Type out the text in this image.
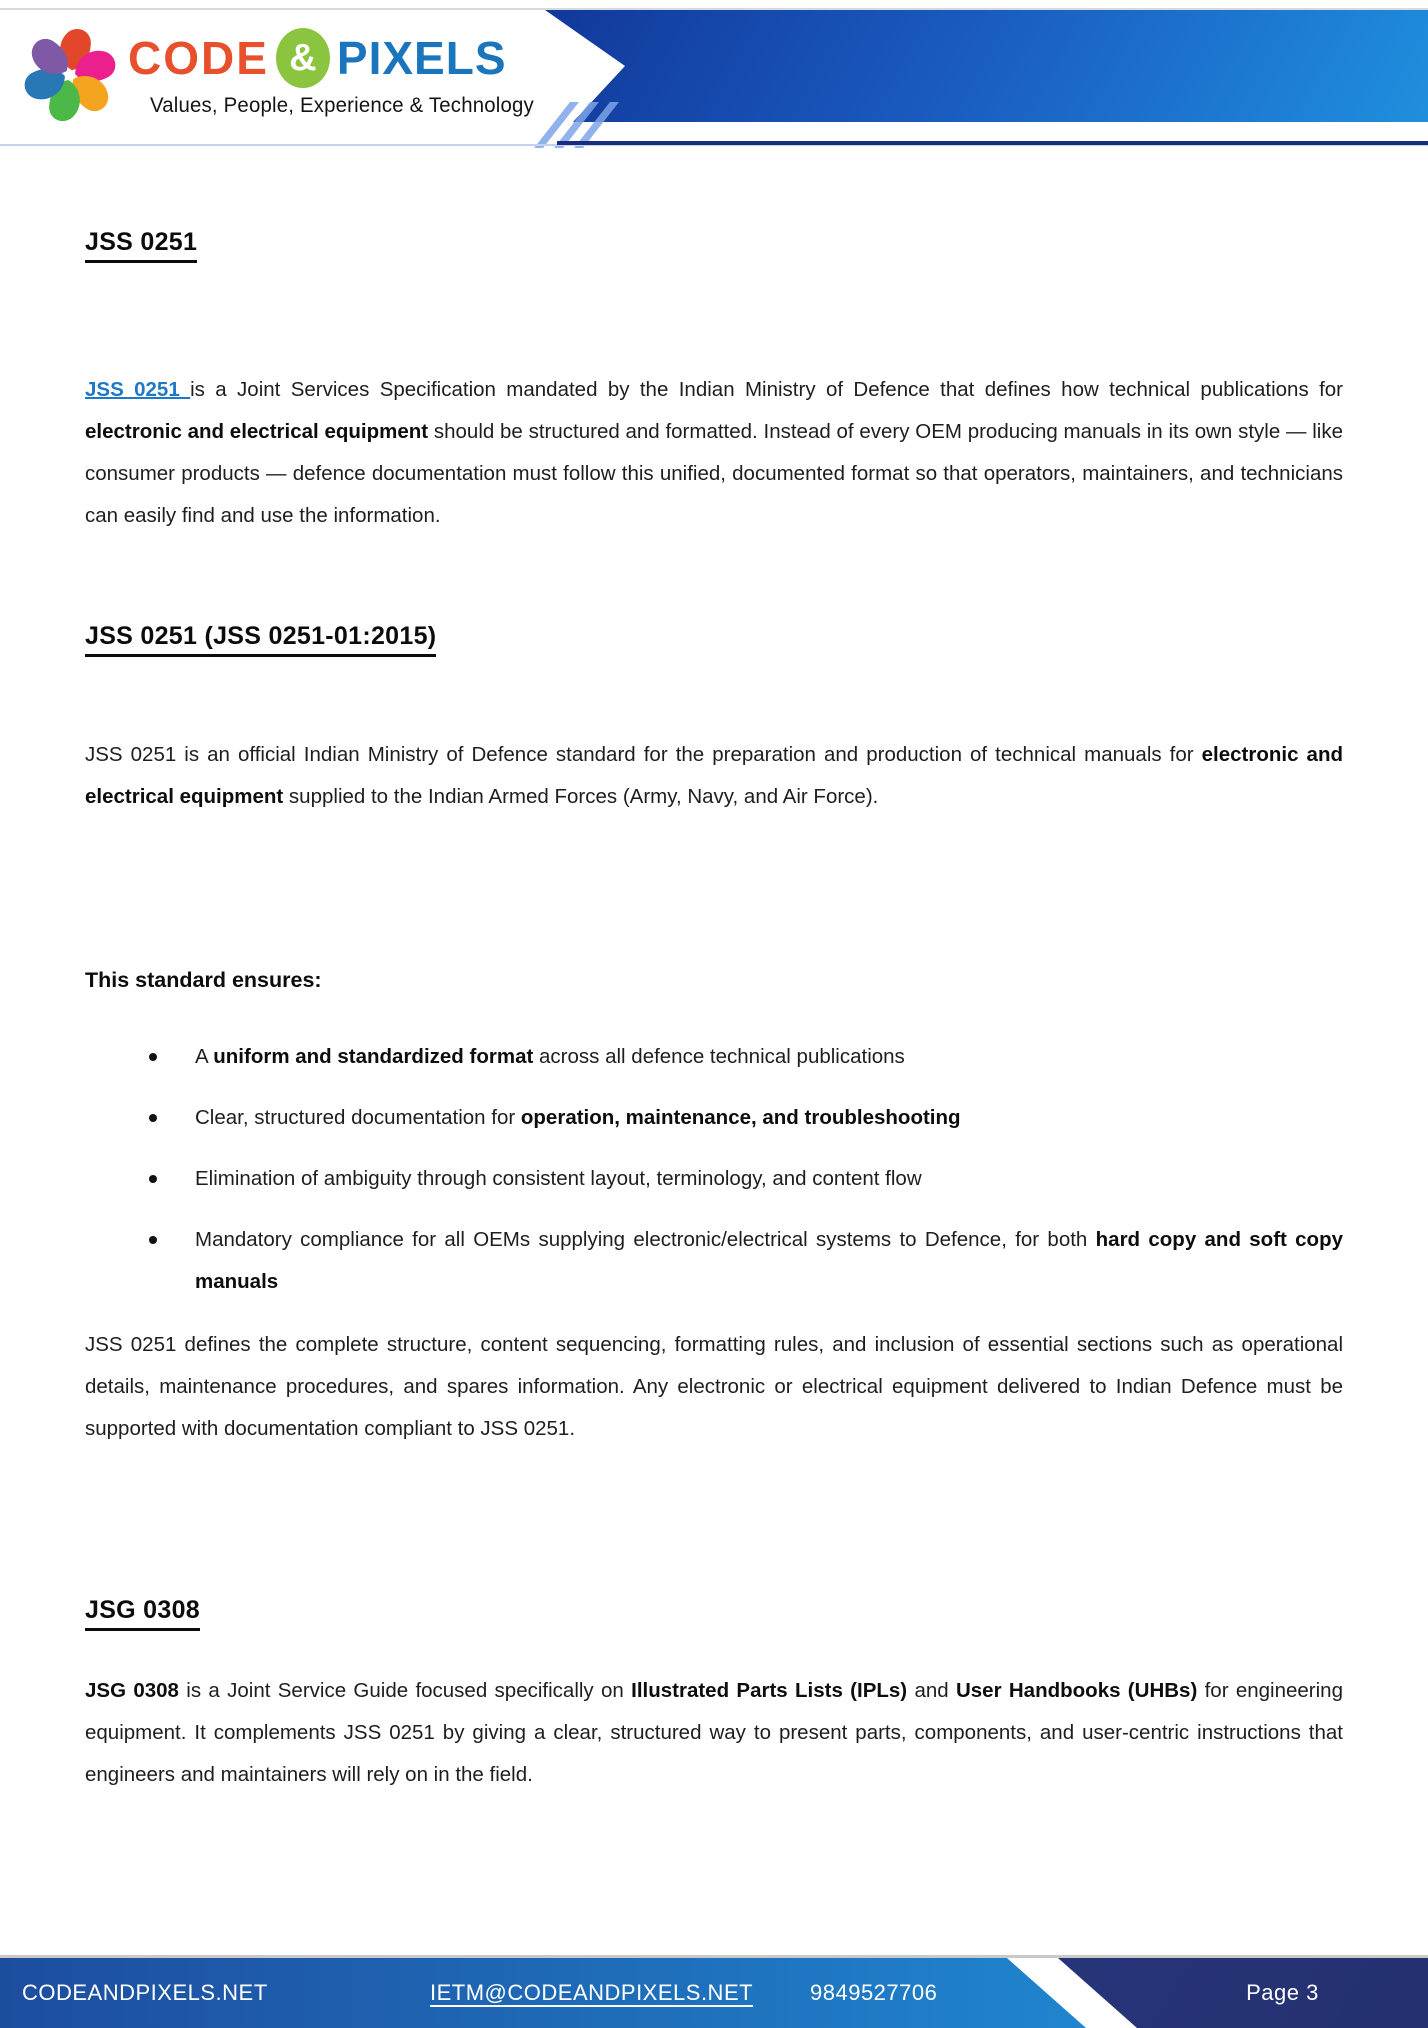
CODE & PIXELS
Values, People, Experience & Technology
JSS 0251

JSS 0251 is a Joint Services Specification mandated by the Indian Ministry of Defence that defines how technical publications for electronic and electrical equipment should be structured and formatted. Instead of every OEM producing manuals in its own style — like consumer products — defence documentation must follow this unified, documented format so that operators, maintainers, and technicians can easily find and use the information.

JSS 0251 (JSS 0251-01:2015)

JSS 0251 is an official Indian Ministry of Defence standard for the preparation and production of technical manuals for electronic and electrical equipment supplied to the Indian Armed Forces (Army, Navy, and Air Force).

This standard ensures:
A uniform and standardized format across all defence technical publications
Clear, structured documentation for operation, maintenance, and troubleshooting
Elimination of ambiguity through consistent layout, terminology, and content flow
Mandatory compliance for all OEMs supplying electronic/electrical systems to Defence, for both hard copy and soft copy manuals

JSS 0251 defines the complete structure, content sequencing, formatting rules, and inclusion of essential sections such as operational details, maintenance procedures, and spares information. Any electronic or electrical equipment delivered to Indian Defence must be supported with documentation compliant to JSS 0251.

JSG 0308

JSG 0308 is a Joint Service Guide focused specifically on Illustrated Parts Lists (IPLs) and User Handbooks (UHBs) for engineering equipment. It complements JSS 0251 by giving a clear, structured way to present parts, components, and user-centric instructions that engineers and maintainers will rely on in the field.

CODEANDPIXELS.NET	IETM@CODEANDPIXELS.NET	9849527706	Page 3
